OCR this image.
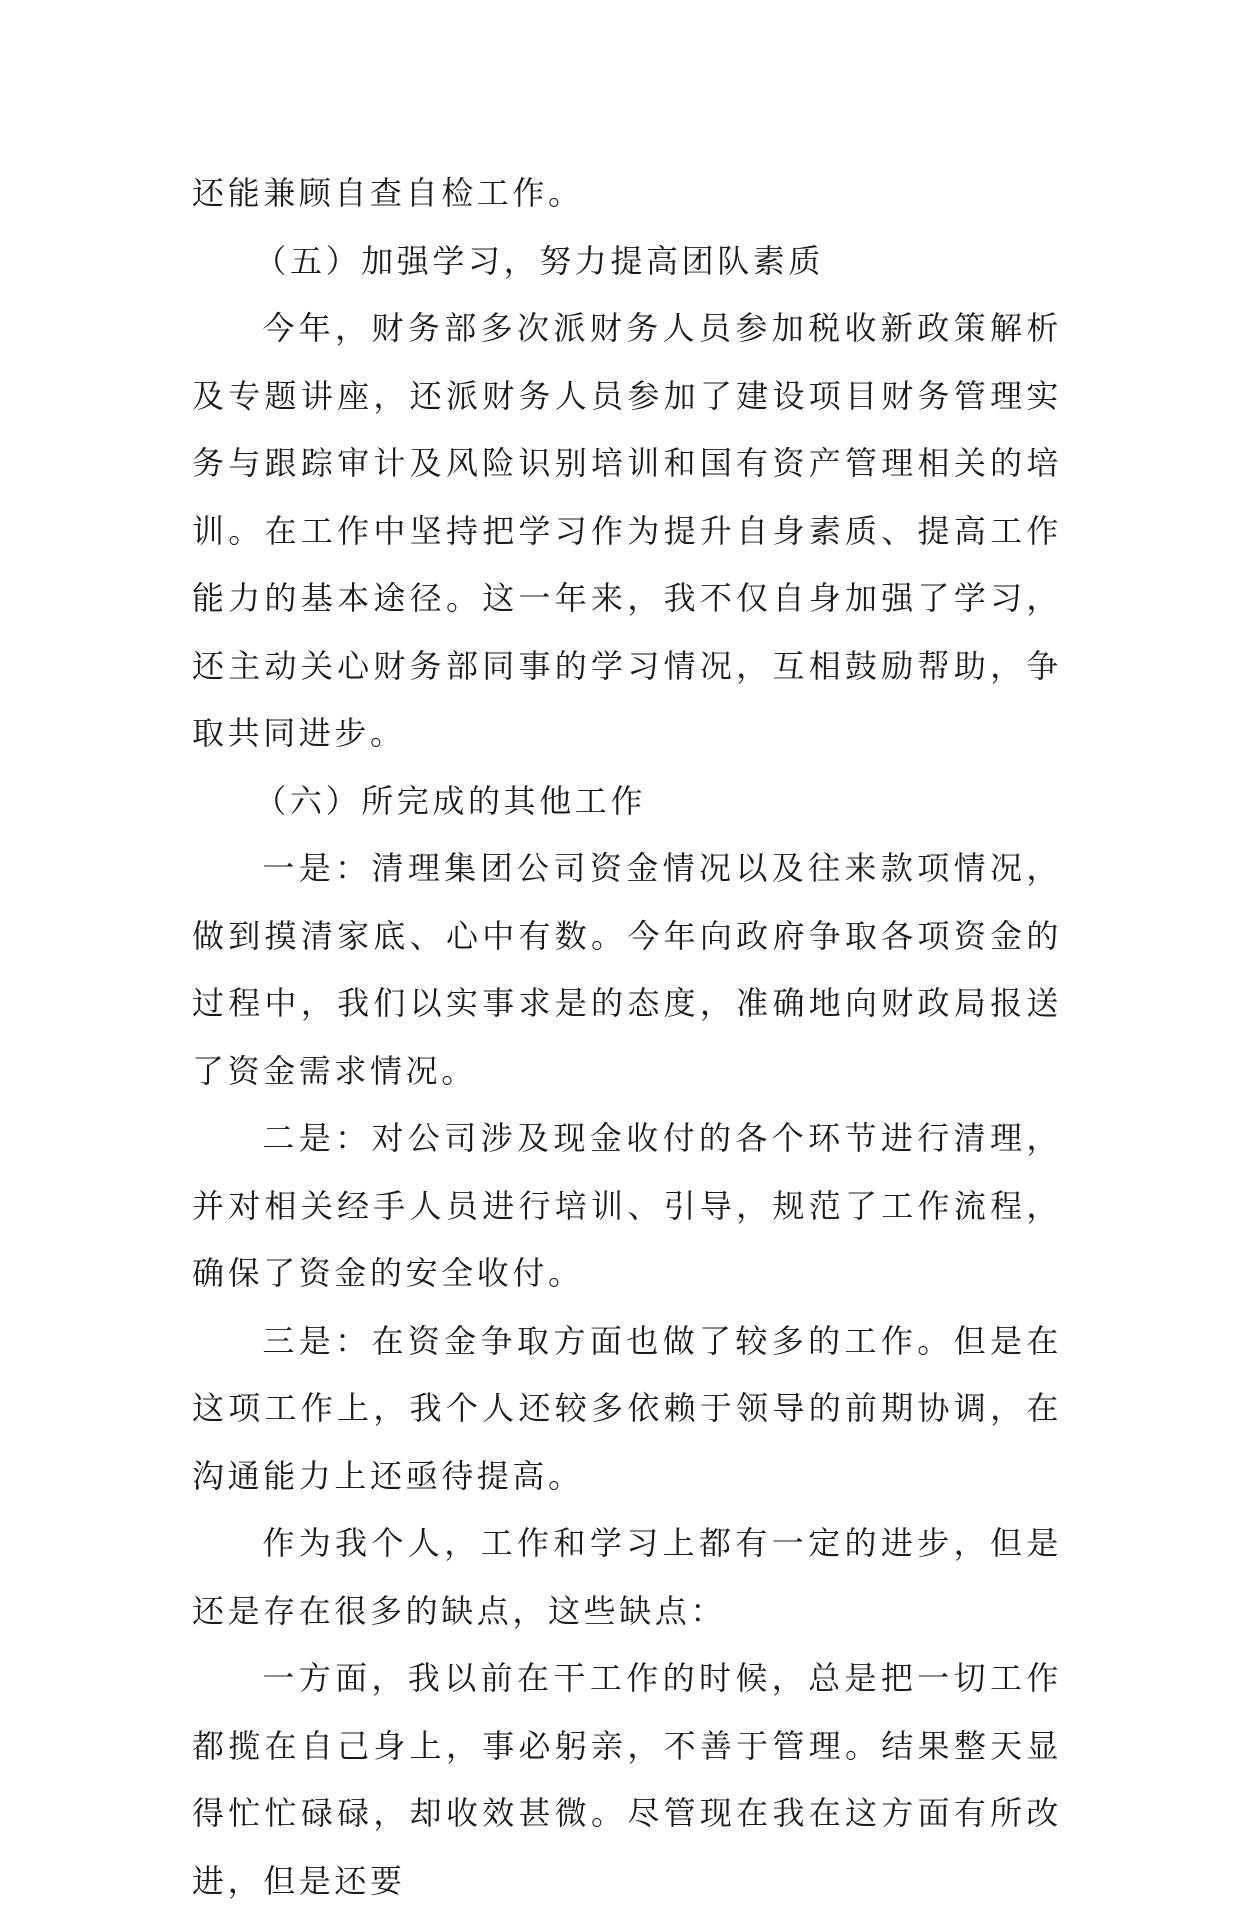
还能兼顾自查自检工作。

（五）加强学习，努力提高团队素质

今年，财务部多次派财务人员参加税收新政策解析及专题讲座，还派财务人员参加了建设项目财务管理实务与跟踪审计及风险识别培训和国有资产管理相关的培训。在工作中坚持把学习作为提升自身素质、提高工作能力的基本途径。这一年来，我不仅自身加强了学习，还主动关心财务部同事的学习情况，互相鼓励帮助，争取共同进步。

（六）所完成的其他工作

一是：清理集团公司资金情况以及往来款项情况，做到摸清家底、心中有数。今年向政府争取各项资金的过程中，我们以实事求是的态度，准确地向财政局报送了资金需求情况。

二是：对公司涉及现金收付的各个环节进行清理，并对相关经手人员进行培训、引导，规范了工作流程，确保了资金的安全收付。

三是：在资金争取方面也做了较多的工作。但是在这项工作上，我个人还较多依赖于领导的前期协调，在沟通能力上还亟待提高。

作为我个人，工作和学习上都有一定的进步，但是还是存在很多的缺点，这些缺点：

一方面，我以前在干工作的时候，总是把一切工作都揽在自己身上，事必躬亲，不善于管理。结果整天显得忙忙碌碌，却收效甚微。尽管现在我在这方面有所改进，但是还要
